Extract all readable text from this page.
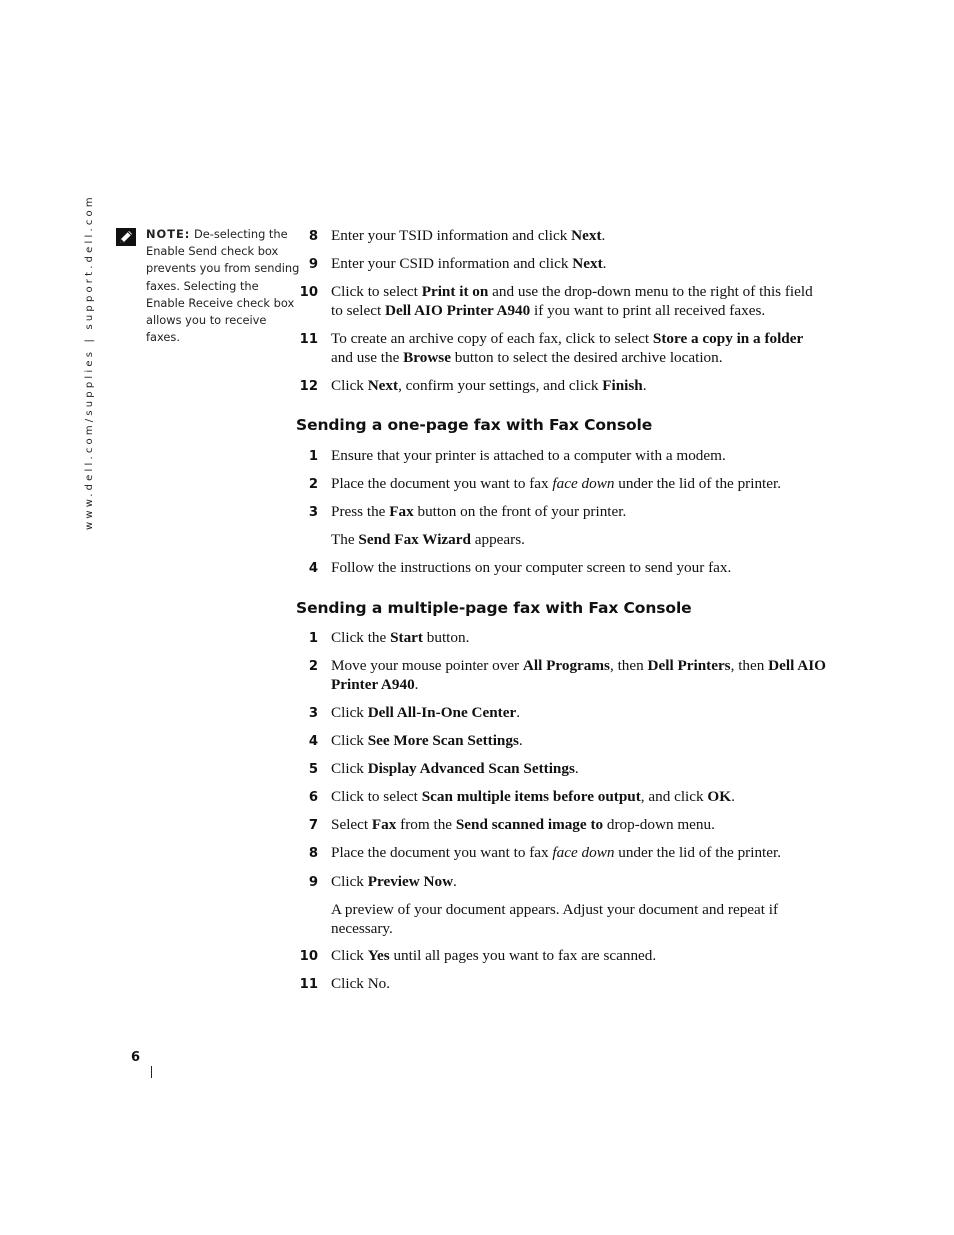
www.dell.com/supplies | support.dell.com	NOTE: De-selecting the Enable Send check box prevents you from sending faxes. Selecting the Enable Receive check box allows you to receive faxes.
8 Enter your TSID information and click Next.
9 Enter your CSID information and click Next.
10 Click to select Print it on and use the drop-down menu to the right of this field to select Dell AIO Printer A940 if you want to print all received faxes.
11 To create an archive copy of each fax, click to select Store a copy in a folder and use the Browse button to select the desired archive location.
12 Click Next, confirm your settings, and click Finish.
Sending a one-page fax with Fax Console
1 Ensure that your printer is attached to a computer with a modem.
2 Place the document you want to fax face down under the lid of the printer.
3 Press the Fax button on the front of your printer.
The Send Fax Wizard appears.
4 Follow the instructions on your computer screen to send your fax.
Sending a multiple-page fax with Fax Console
1 Click the Start button.
2 Move your mouse pointer over All Programs, then Dell Printers, then Dell AIO Printer A940.
3 Click Dell All-In-One Center.
4 Click See More Scan Settings.
5 Click Display Advanced Scan Settings.
6 Click to select Scan multiple items before output, and click OK.
7 Select Fax from the Send scanned image to drop-down menu.
8 Place the document you want to fax face down under the lid of the printer.
9 Click Preview Now.
A preview of your document appears. Adjust your document and repeat if necessary.
10 Click Yes until all pages you want to fax are scanned.
11 Click No.
6
